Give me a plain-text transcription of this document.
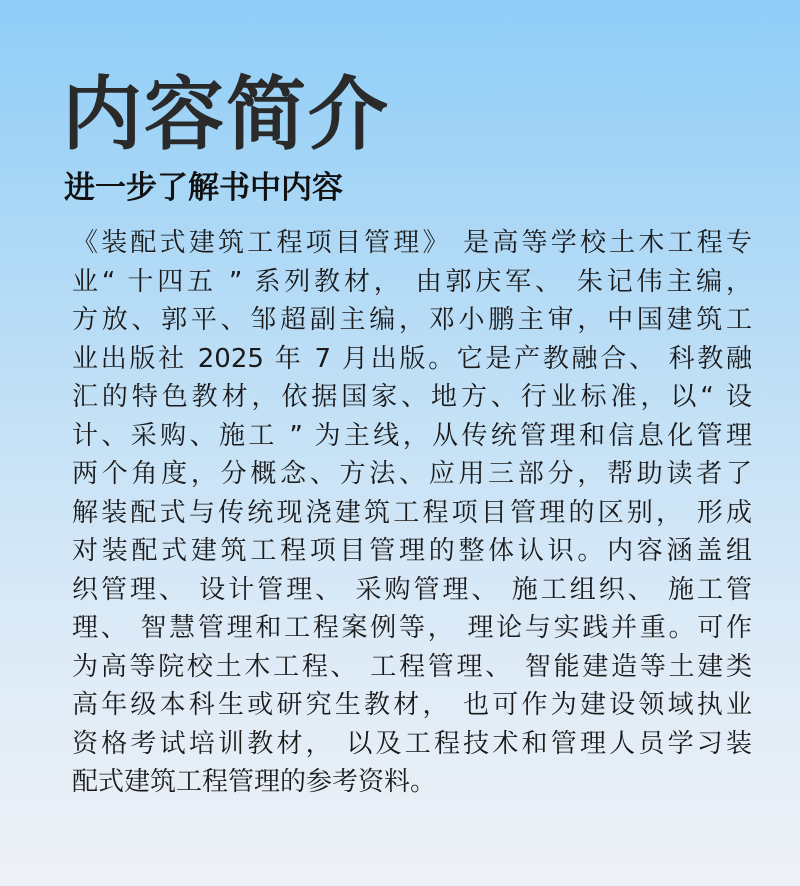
内容简介
进一步了解书中内容
《装配式建筑工程项目管理》 是高等学校土木工程专
业“ 十四五 ” 系列教材， 由郭庆军、 朱记伟主编，
方放、郭平、邹超副主编，邓小鹏主审，中国建筑工
业出版社 2025 年 7 月出版。它是产教融合、 科教融
汇的特色教材，依据国家、地方、行业标准，以“ 设
计、采购、施工 ” 为主线，从传统管理和信息化管理
两个角度，分概念、方法、应用三部分，帮助读者了
解装配式与传统现浇建筑工程项目管理的区别， 形成
对装配式建筑工程项目管理的整体认识。内容涵盖组
织管理、 设计管理、 采购管理、 施工组织、 施工管
理、 智慧管理和工程案例等， 理论与实践并重。可作
为高等院校土木工程、 工程管理、 智能建造等土建类
高年级本科生或研究生教材， 也可作为建设领域执业
资格考试培训教材， 以及工程技术和管理人员学习装
配式建筑工程管理的参考资料。
